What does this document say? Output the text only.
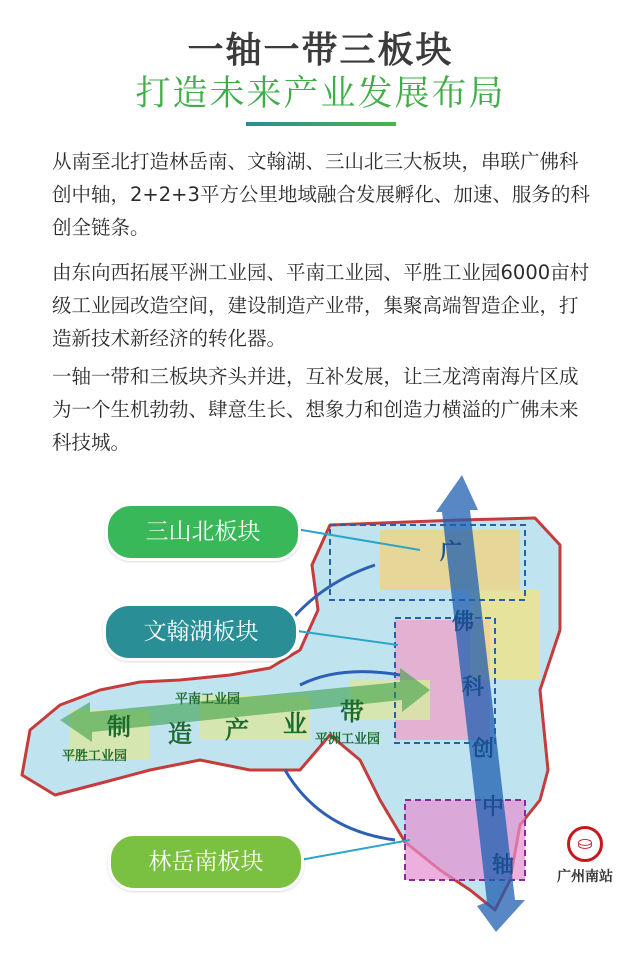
一轴一带三板块
打造未来产业发展布局
从南至北打造林岳南、文翰湖、三山北三大板块，串联广佛科创中轴，2+2+3平方公里地域融合发展孵化、加速、服务的科创全链条。
由东向西拓展平洲工业园、平南工业园、平胜工业园6000亩村级工业园改造空间，建设制造产业带，集聚高端智造企业，打造新技术新经济的转化器。
一轴一带和三板块齐头并进，互补发展，让三龙湾南海片区成为一个生机勃勃、肆意生长、想象力和创造力横溢的广佛未来科技城。
三山北板块
文翰湖板块
林岳南板块
平南工业园
平胜工业园
平洲工业园
制 造 产 业 带
广
佛
科
创
中
轴
⛀
广州南站
